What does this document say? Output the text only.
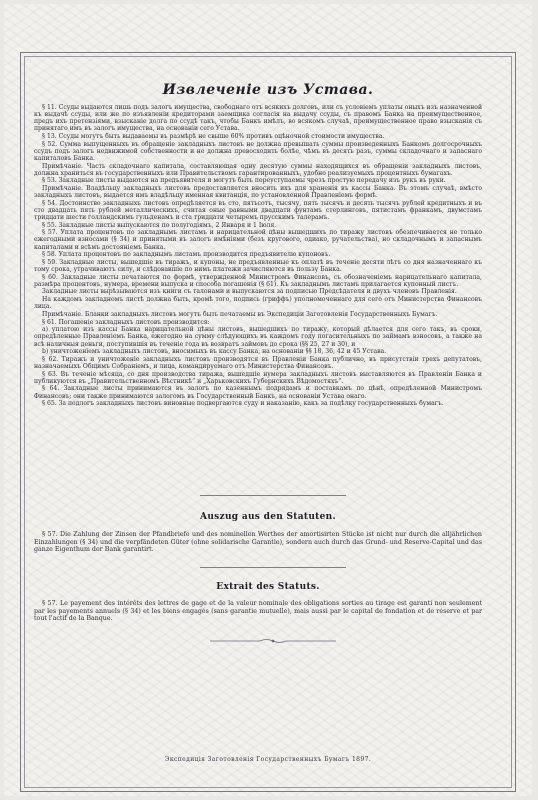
Извлеченіе изъ Устава.

§ 11. Ссуды выдаются лишь подъ залогъ имущества, свободнаго отъ всякихъ долговъ, или съ условіемъ уплаты оныхъ изъ назначенной къ выдачѣ ссуды, или же по изъявленіи кредиторами заемщика согласія на выдачу ссуды, съ правомъ Банка на преимущественное, предъ ихъ претензіями, взысканіе долга по ссудѣ такъ, чтобы Банкъ имѣлъ, во всякомъ случаѣ, преимущественное право взысканія съ принятаго имъ въ залогъ имущества, на основаніи сего Устава.

§ 13. Ссуды могутъ быть выдаваемы въ размѣрѣ не свыше 60% противъ оцѣночной стоимости имущества.

§ 52. Сумма выпущенныхъ въ обращеніе закладныхъ листовъ не должна превышать суммы произведенныхъ Банкомъ долгосрочныхъ ссудъ подъ залогъ недвижимой собственности и не должна превосходить болѣе, чѣмъ въ десять разъ, суммы складочнаго и запаснаго капиталовъ Банка.

Примѣчаніе. Часть складочнаго капитала, составляющая одну десятую суммы находящихся въ обращеніи закладныхъ листовъ, должна храниться въ государственныхъ или Правительствомъ гарантированныхъ, удобно реализуемыхъ процентныхъ бумагахъ.

§ 53. Закладные листы выдаются на предъявителя и могутъ быть переуступаемы чрезъ простую передачу изъ рукъ въ руки.

Примѣчаніе. Владѣльцу закладныхъ листовъ предоставляется вносить ихъ для храненія въ кассы Банка. Въ этомъ случаѣ, вмѣсто закладныхъ листовъ, выдается имъ владѣльцу именная квитанція, по установленной Правленіемъ формѣ.

§ 54. Достоинство закладныхъ листовъ опредѣляется въ сто, пятьсотъ, тысячу, пять тысячъ и десять тысячъ рублей кредитныхъ и въ сто двадцать пять рублей металлическихъ, считая оные равными двадцати фунтамъ стерлинговъ, пятистамъ франкамъ, двумстамъ тридцати шести голландскимъ гульденамъ и ста тридцати четыремъ прусскимъ талерамъ.

§ 55. Закладные листы выпускаются по полугодіямъ, 2 Января и 1 Іюля.

§ 57. Уплата процентовъ по закладнымъ листамъ и нарицательной цѣны вышедшихъ по тиражу листовъ обезпечивается не только ежегодными взносами (§ 34) и принятыми въ залогъ имѣніями (безъ кругового, одиако, ручательства), но складочнымъ и запаснымъ капиталами и всѣмъ достояніемъ Банка.

§ 58. Уплата процентовъ по закладнымъ листамъ производится предъявителю купоновъ.

§ 59. Закладные листы, вышедшіе въ тиражъ, и купоны, не предъявленные къ оплатѣ въ теченіе десяти лѣтъ со дня назначеннаго къ тому срока, утрачиваютъ силу, и слѣдовавшіе по нимъ платежи зачисляются въ пользу Банка.

§ 60. Закладные листы печатаются по формѣ, утвержденной Министромъ Финансовъ, съ обозначеніемъ нарицательнаго капитала, размѣра процентовъ, нумера, времени выпуска и способа погашенія (§ 61). Къ закладнымъ листамъ прилагается купонный листъ.

Закладные листы вырѣзываются изъ книги съ талонами и выпускаются за подписью Предсѣдателя и двухъ членовъ Правленія.

На каждомъ закладномъ листѣ должна быть, кромѣ того, подпись (гриффъ) уполномоченнаго для сего отъ Министерства Финансовъ лица.

Примѣчаніе. Бланки закладныхъ листовъ могутъ быть печатаемы въ Экспедиціи Заготовленія Государственныхъ Бумагъ.

§ 61. Погашеніе закладныхъ листовъ производится:

а) уплатою изъ кассы Банка нарицательной цѣны листовъ, вышедшихъ по тиражу, который дѣлается для сего такъ, въ сроки, опредѣленные Правленіемъ Банка, ежегодно на сумму слѣдующихъ въ каждомъ году погасительныхъ по займамъ взносовъ, а также на всѣ наличныя деньги, поступившія въ теченіе года въ возвратъ займовъ до срока (§§ 25, 27 и 30), и

b) уничтоженіемъ закладныхъ листовъ, вносимыхъ въ кассу Банка, на основаніи §§ 18, 36, 42 и 45 Устава.

§ 62. Тиражъ и уничтоженіе закладныхъ листовъ производятся въ Правленіи Банка публично, въ присутствіи трехъ депутатовъ, назначаемыхъ Общимъ Собраніемъ, и лица, командируемаго отъ Министерства Финансовъ.

§ 63. Въ теченіе мѣсяца, со дня производства тиража, вышедшіе нумера закладныхъ листовъ выставляются въ Правленіи Банка и публикуются въ „Правительственномъ Вѣстникѣ“ и „Харьковскихъ Губернскихъ Вѣдомостяхъ“.

§ 64. Закладные листы принимаются въ залогъ по казеннымъ подрядамъ и поставкамъ по цѣнѣ, опредѣленной Министромъ Финансовъ; они также принимаются залогомъ въ Государственный Банкъ, на основаніи Устава онаго.

§ 65. За подлогъ закладныхъ листовъ виновные подвергаются суду и наказанію, какъ за подѣлку государственныхъ бумагъ.

Auszug aus den Statuten.

§ 57. Die Zahlung der Zinsen der Pfandbriefe und des nominellen Werthes der amortisirten Stücke ist nicht nur durch die alljährlichen Einzahlungen (§ 34) und die verpfändeten Güter (ohne solidarische Garantie), sondern auch durch das Grund- und Reserve-Capital und das ganze Eigenthum der Bank garantirt.

Extrait des Statuts.

§ 57. Le payement des intérêts des lettres de gage et de la valeur nominale des obligations sorties au tirage est garanti non seulement par les payements annuels (§ 34) et les biens engagés (sans garantie mutuelle), mais aussi par le capital de fondation et de réserve et par tout l'actif de la Banque.

Экспедиція Заготовленія Государственныхъ Бумагъ 1897.
